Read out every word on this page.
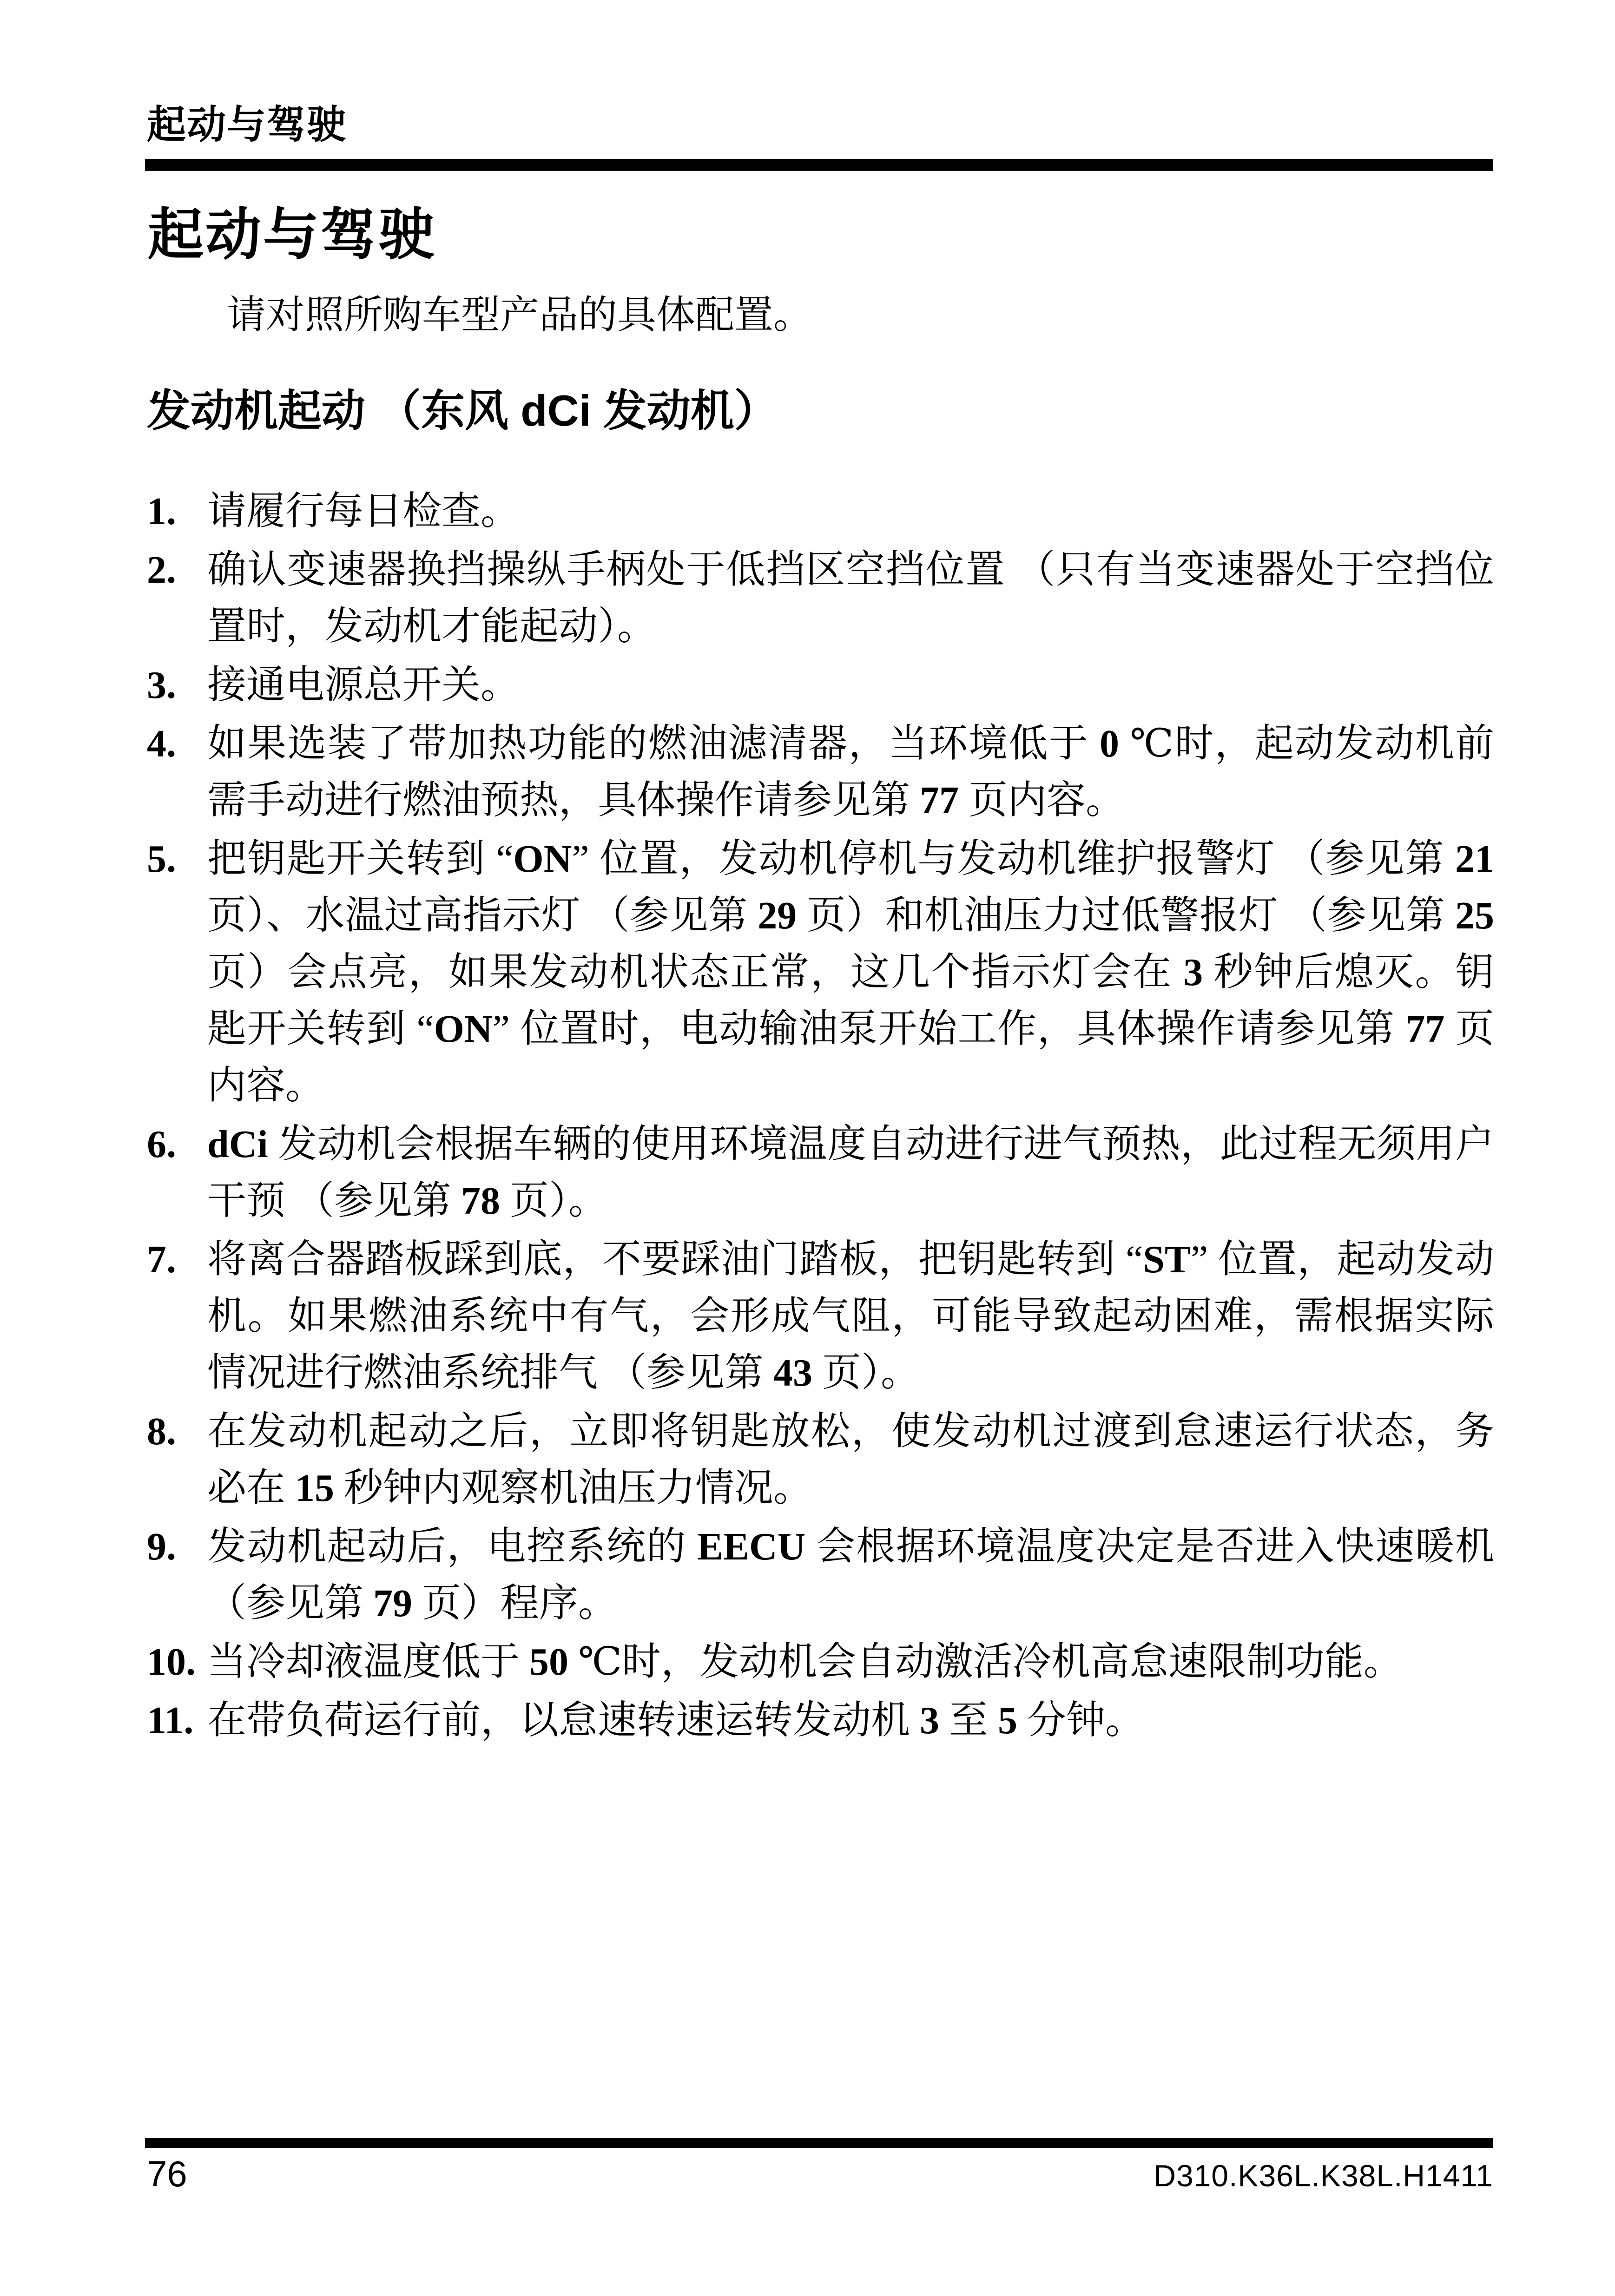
起动与驾驶
起动与驾驶

请对照所购车型产品的具体配置。

发动机起动 （东风 dCi 发动机）
1. 请履行每日检查。
2. 确认变速器换挡操纵手柄处于低挡区空挡位置 （只有当变速器处于空挡位置时，发动机才能起动）。
3. 接通电源总开关。
4. 如果选装了带加热功能的燃油滤清器，当环境低于 0 ℃时，起动发动机前需手动进行燃油预热，具体操作请参见第 77 页内容。
5. 把钥匙开关转到 “ON” 位置，发动机停机与发动机维护报警灯 （参见第 21 页）、水温过高指示灯 （参见第 29 页）和机油压力过低警报灯 （参见第 25 页）会点亮，如果发动机状态正常，这几个指示灯会在 3 秒钟后熄灭。钥匙开关转到 “ON” 位置时，电动输油泵开始工作，具体操作请参见第 77 页内容。
6. dCi 发动机会根据车辆的使用环境温度自动进行进气预热，此过程无须用户干预 （参见第 78 页）。
7. 将离合器踏板踩到底，不要踩油门踏板，把钥匙转到 “ST” 位置，起动发动机。如果燃油系统中有气，会形成气阻，可能导致起动困难，需根据实际情况进行燃油系统排气 （参见第 43 页）。
8. 在发动机起动之后，立即将钥匙放松，使发动机过渡到怠速运行状态，务必在 15 秒钟内观察机油压力情况。
9. 发动机起动后，电控系统的 EECU 会根据环境温度决定是否进入快速暖机 （参见第 79 页）程序。
10. 当冷却液温度低于 50 ℃时，发动机会自动激活冷机高怠速限制功能。
11. 在带负荷运行前，以怠速转速运转发动机 3 至 5 分钟。
76	D310.K36L.K38L.H1411
